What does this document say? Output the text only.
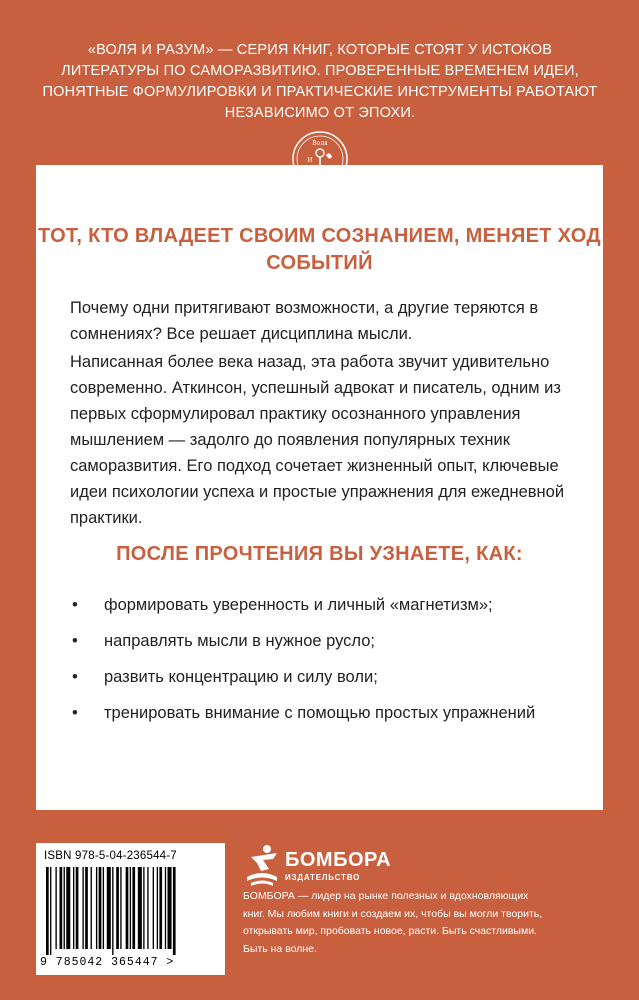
«ВОЛЯ И РАЗУМ» — СЕРИЯ КНИГ, КОТОРЫЕ СТОЯТ У ИСТОКОВ ЛИТЕРАТУРЫ ПО САМОРАЗВИТИЮ. ПРОВЕРЕННЫЕ ВРЕМЕНЕМ ИДЕИ, ПОНЯТНЫЕ ФОРМУЛИРОВКИ И ПРАКТИЧЕСКИЕ ИНСТРУМЕНТЫ РАБОТАЮТ НЕЗАВИСИМО ОТ ЭПОХИ.

Воля
И
ТОТ, КТО ВЛАДЕЕТ СВОИМ СОЗНАНИЕМ, МЕНЯЕТ ХОД СОБЫТИЙ

Почему одни притягивают возможности, а другие теряются в сомнениях? Все решает дисциплина мысли.

Написанная более века назад, эта работа звучит удивительно современно. Аткинсон, успешный адвокат и писатель, одним из первых сформулировал практику осознанного управления мышлением — задолго до появления популярных техник саморазвития. Его подход сочетает жизненный опыт, ключевые идеи психологии успеха и простые упражнения для ежедневной практики.

ПОСЛЕ ПРОЧТЕНИЯ ВЫ УЗНАЕТЕ, КАК:
• формировать уверенность и личный «магнетизм»;
• направлять мысли в нужное русло;
• развить концентрацию и силу воли;
• тренировать внимание с помощью простых упражнений

ISBN 978-5-04-236544-7

9 785042 365447 >

БОМБОРА

ИЗДАТЕЛЬСТВО

БОМБОРА — лидер на рынке полезных и вдохновляющих книг. Мы любим книги и создаем их, чтобы вы могли творить, открывать мир, пробовать новое, расти. Быть счастливыми. Быть на волне.
